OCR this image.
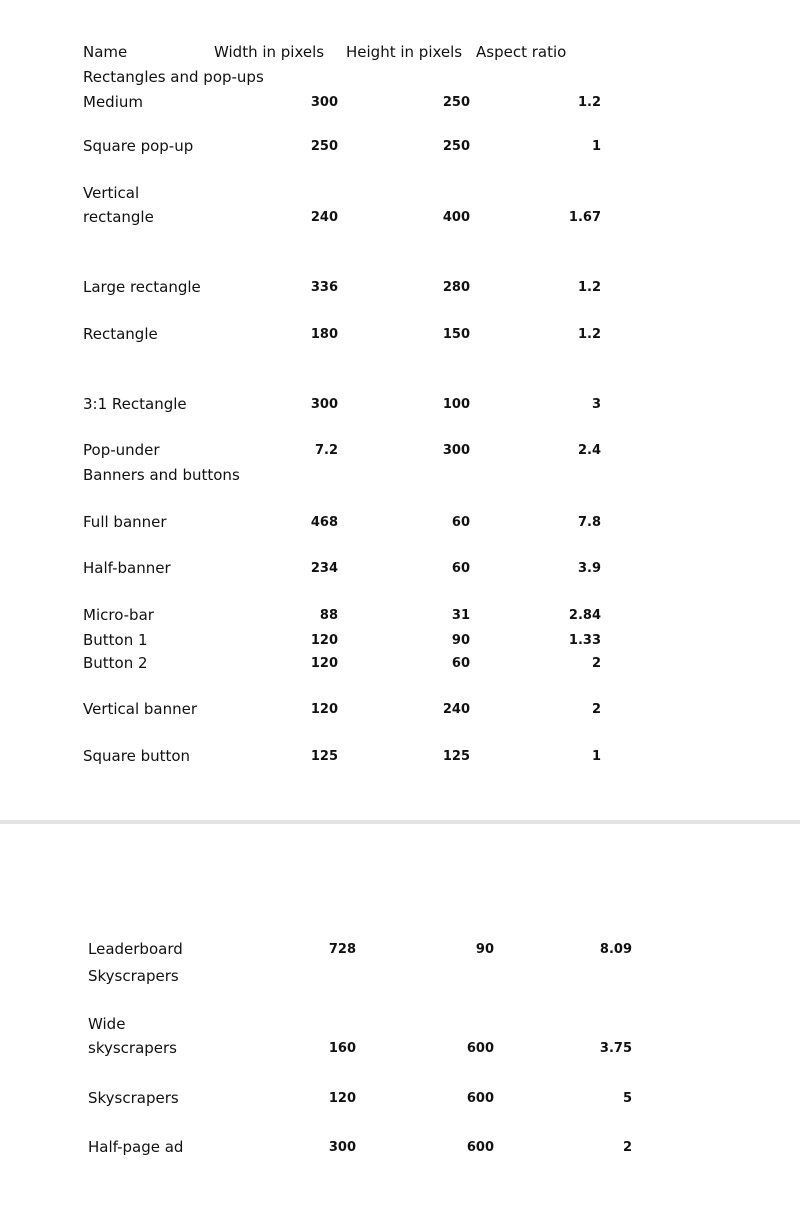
Name	Width in pixels Height in pixels Aspect ratio
Rectangles and pop-ups
Medium	300	250	1.2
Square pop-up	250	250	1
Vertical
rectangle	240	400	1.67
Large rectangle	336	280	1.2
Rectangle	180	150	1.2
3:1 Rectangle	300	100	3
Pop-under	7.2	300	2.4
Banners and buttons
Full banner	468	60	7.8
Half-banner	234	60	3.9
Micro-bar	88	31	2.84
Button 1	120	90	1.33
Button 2	120	60	2
Vertical banner	120	240	2
Square button	125	125	1
Leaderboard	728	90	8.09
Skyscrapers
Wide
skyscrapers	160	600	3.75
Skyscrapers	120	600	5
Half-page ad	300	600	2
